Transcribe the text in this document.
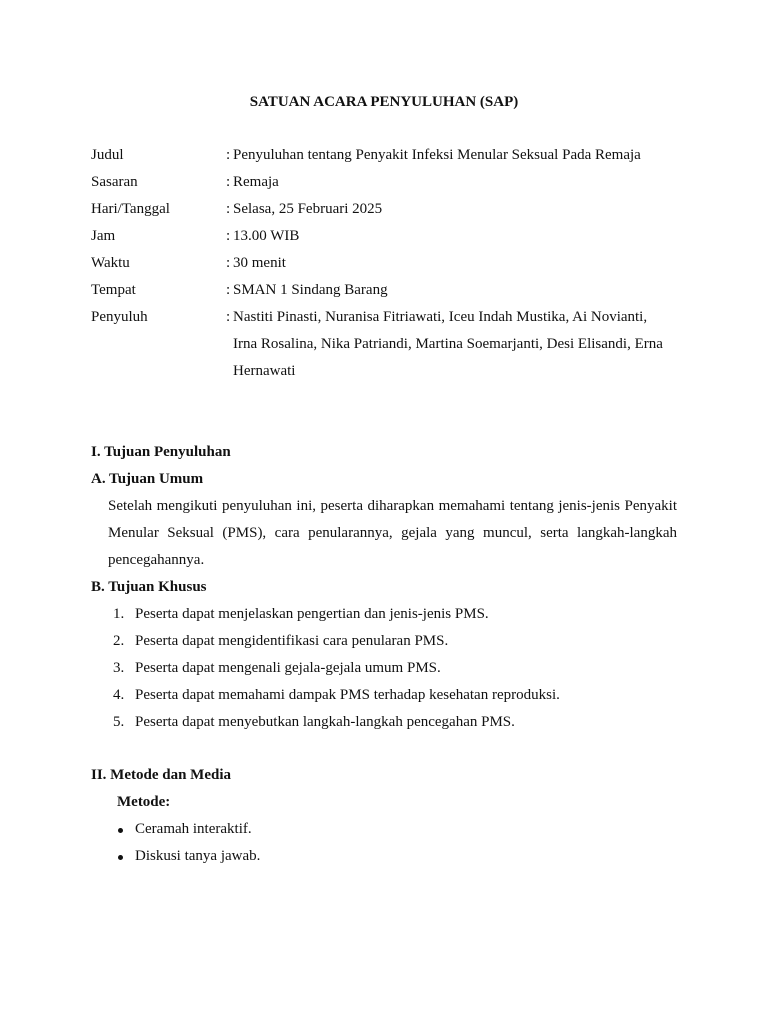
SATUAN ACARA PENYULUHAN (SAP)
Judul	: Penyuluhan tentang Penyakit Infeksi Menular Seksual Pada Remaja
Sasaran	: Remaja
Hari/Tanggal	: Selasa, 25 Februari 2025
Jam	: 13.00 WIB
Waktu	: 30 menit
Tempat	: SMAN 1 Sindang Barang
Penyuluh	: Nastiti Pinasti, Nuranisa Fitriawati, Iceu Indah Mustika, Ai Novianti,
Irna Rosalina, Nika Patriandi, Martina Soemarjanti, Desi Elisandi, Erna
Hernawati
I. Tujuan Penyuluhan
A. Tujuan Umum
Setelah mengikuti penyuluhan ini, peserta diharapkan memahami tentang jenis-jenis Penyakit Menular Seksual (PMS), cara penularannya, gejala yang muncul, serta langkah-langkah pencegahannya.
B. Tujuan Khusus
1. Peserta dapat menjelaskan pengertian dan jenis-jenis PMS.
2. Peserta dapat mengidentifikasi cara penularan PMS.
3. Peserta dapat mengenali gejala-gejala umum PMS.
4. Peserta dapat memahami dampak PMS terhadap kesehatan reproduksi.
5. Peserta dapat menyebutkan langkah-langkah pencegahan PMS.
II. Metode dan Media
Metode:
Ceramah interaktif.
Diskusi tanya jawab.
